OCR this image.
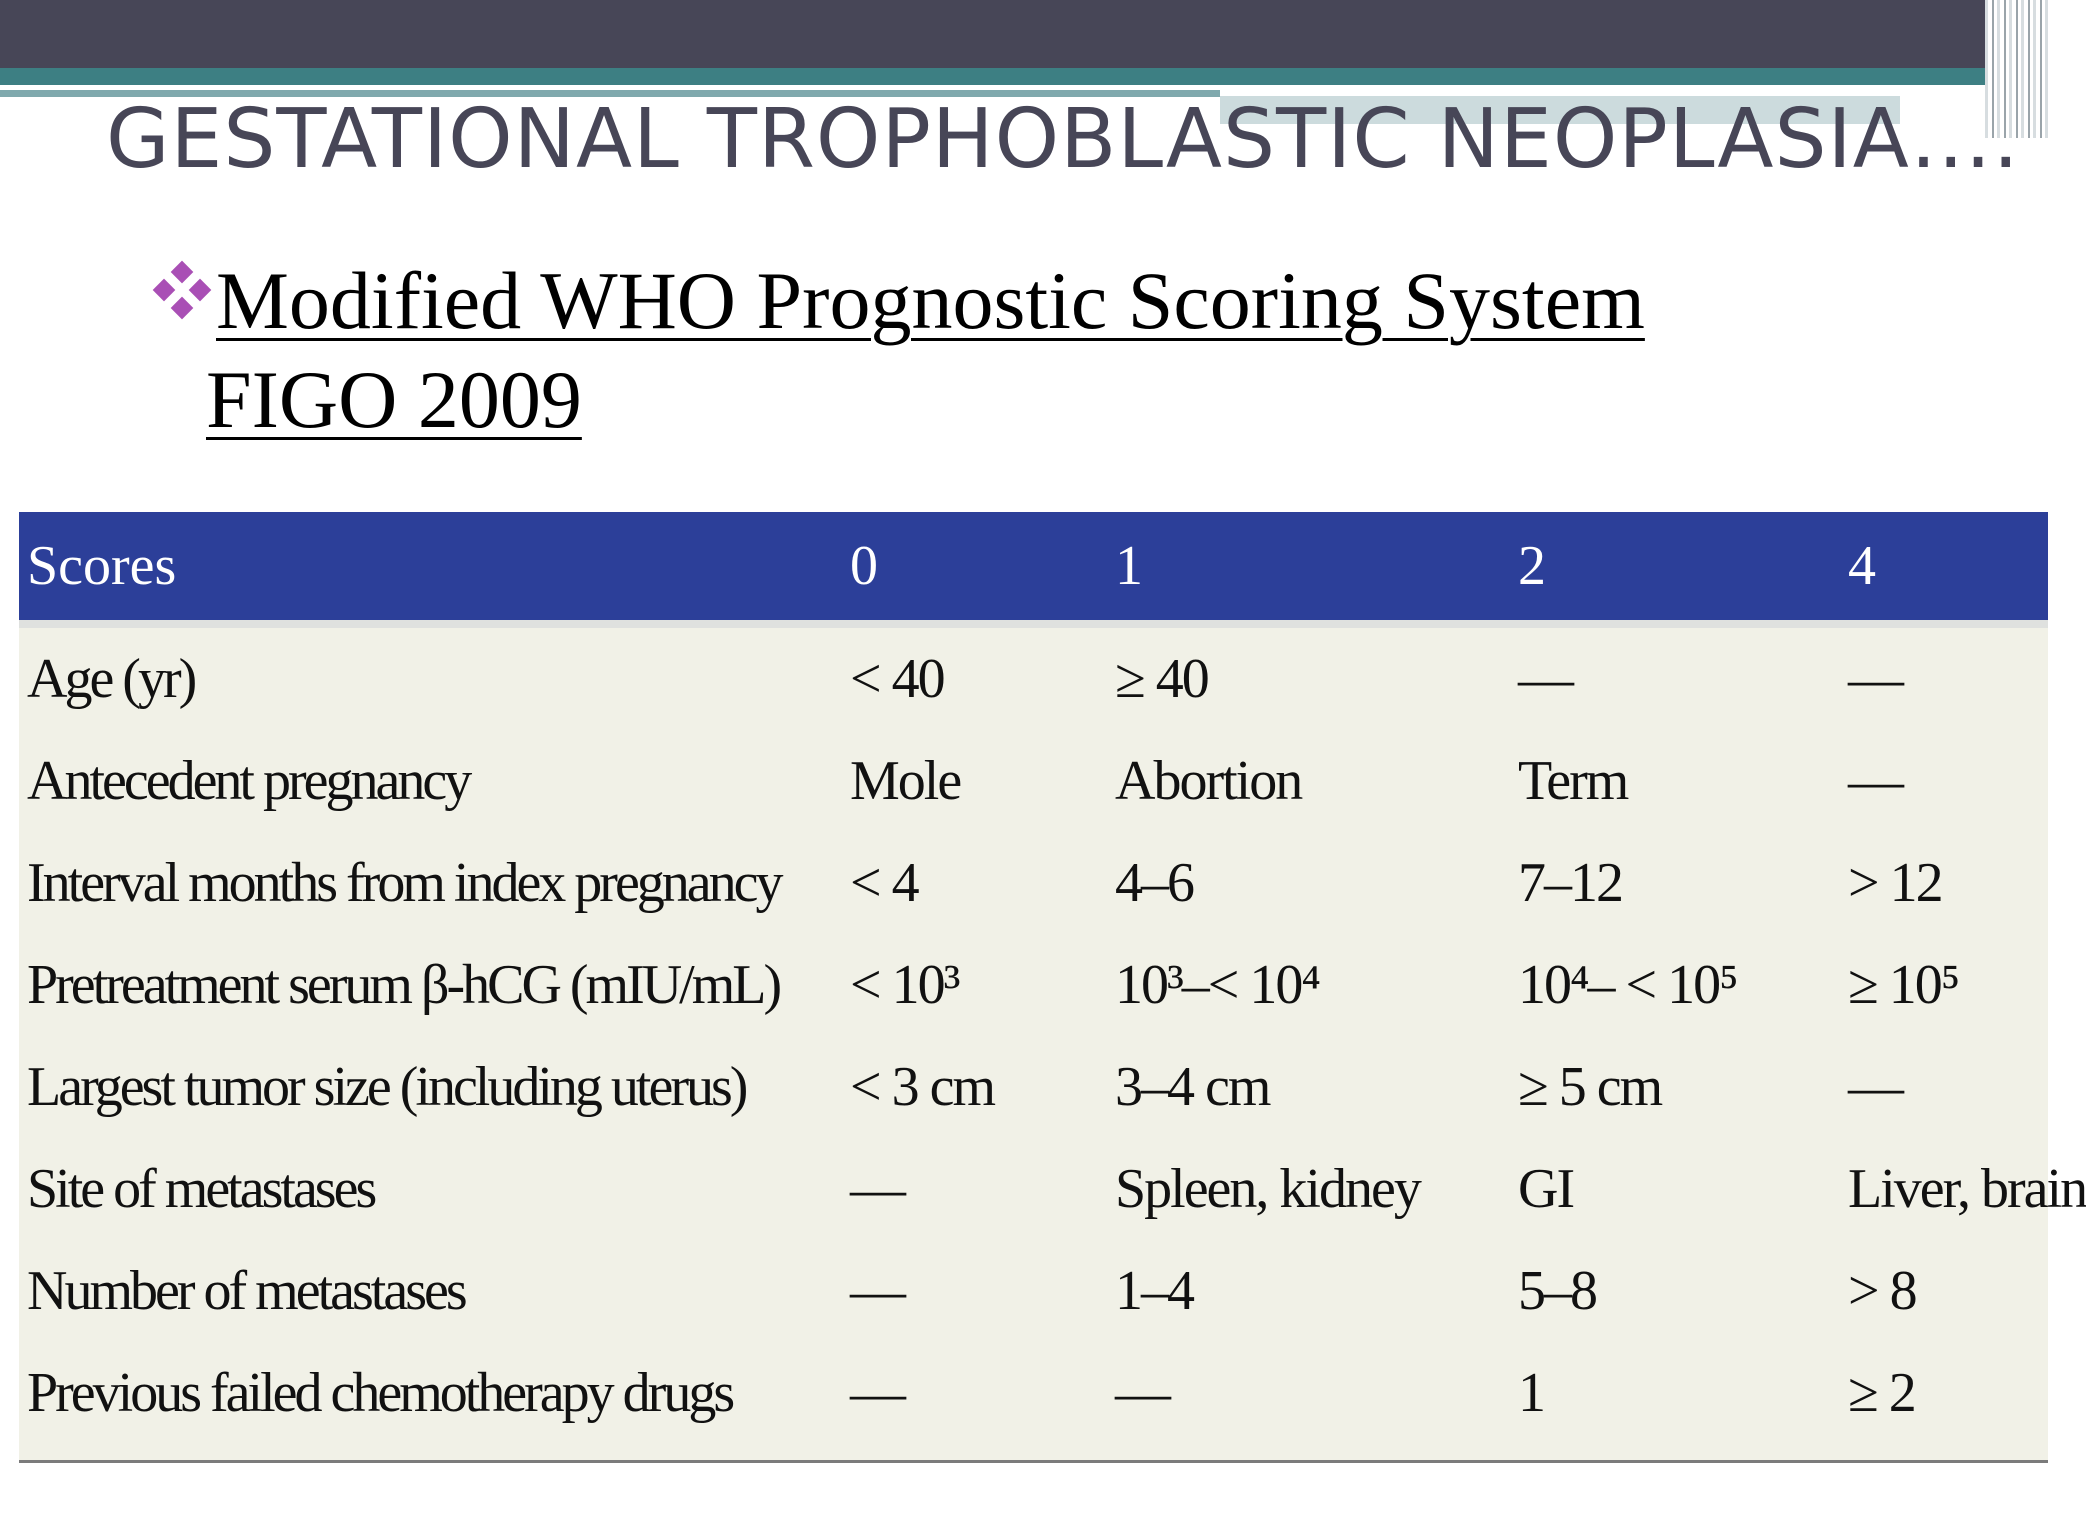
GESTATIONAL TROPHOBLASTIC NEOPLASIA….
Modified WHO Prognostic Scoring System
FIGO 2009
Scores	0	1	2	4

Age (yr)	< 40	≥ 40	—	—
Antecedent pregnancy	Mole	Abortion	Term	—
Interval months from index pregnancy	< 4	4–6	7–12	> 12
Pretreatment serum β-hCG (mIU/mL)	< 10³	10³–< 10⁴	10⁴– < 10⁵	≥ 10⁵
Largest tumor size (including uterus)	< 3 cm	3–4 cm	≥ 5 cm	—
Site of metastases	—	Spleen, kidney	GI	Liver, brain
Number of metastases	—	1–4	5–8	> 8
Previous failed chemotherapy drugs	—	—	1	≥ 2
